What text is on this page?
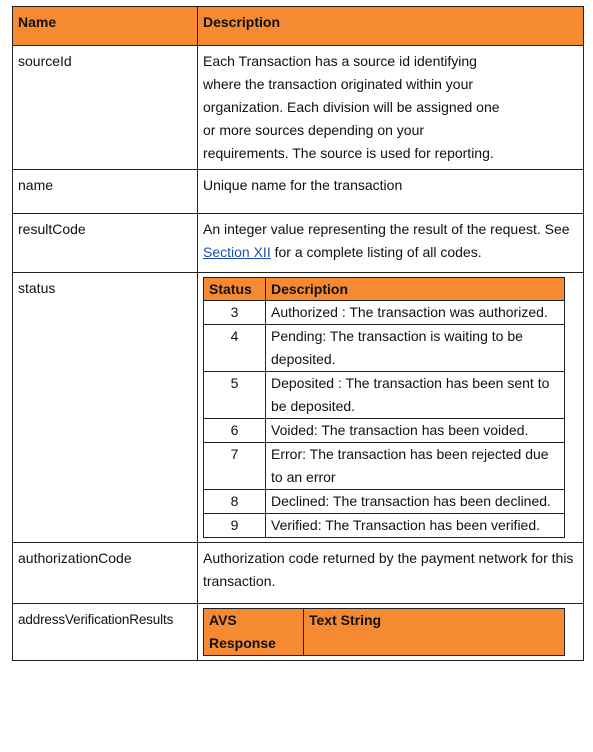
Name	Description
sourceId	Each Transaction has a source id identifying where the transaction originated within your organization. Each division will be assigned one or more sources depending on your requirements. The source is used for reporting.
name	Unique name for the transaction
resultCode	An integer value representing the result of the request. See Section XII for a complete listing of all codes.
status		Status	Description
3	Authorized : The transaction was authorized.
4	Pending: The transaction is waiting to be deposited.
5	Deposited : The transaction has been sent to be deposited.
6	Voided: The transaction has been voided.
7	Error: The transaction has been rejected due to an error
8	Declined: The transaction has been declined.
9	Verified: The Transaction has been verified.

authorizationCode	Authorization code returned by the payment network for this transaction.
addressVerificationResults		AVS Response	Text String
